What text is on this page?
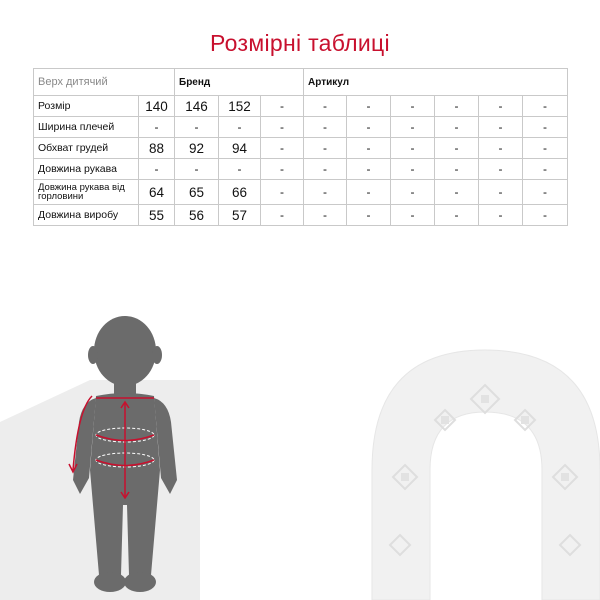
Розмірні таблиці
Верх дитячий		Бренд			Артикул					
Розмір	140	146	152	-	-	-	-	-	-	-
Ширина плечей	-	-	-	-	-	-	-	-	-	-
Обхват грудей	88	92	94	-	-	-	-	-	-	-
Довжина рукава	-	-	-	-	-	-	-	-	-	-
Довжина рукава від горловини	64	65	66	-	-	-	-	-	-	-
Довжина виробу	55	56	57	-	-	-	-	-	-	-
